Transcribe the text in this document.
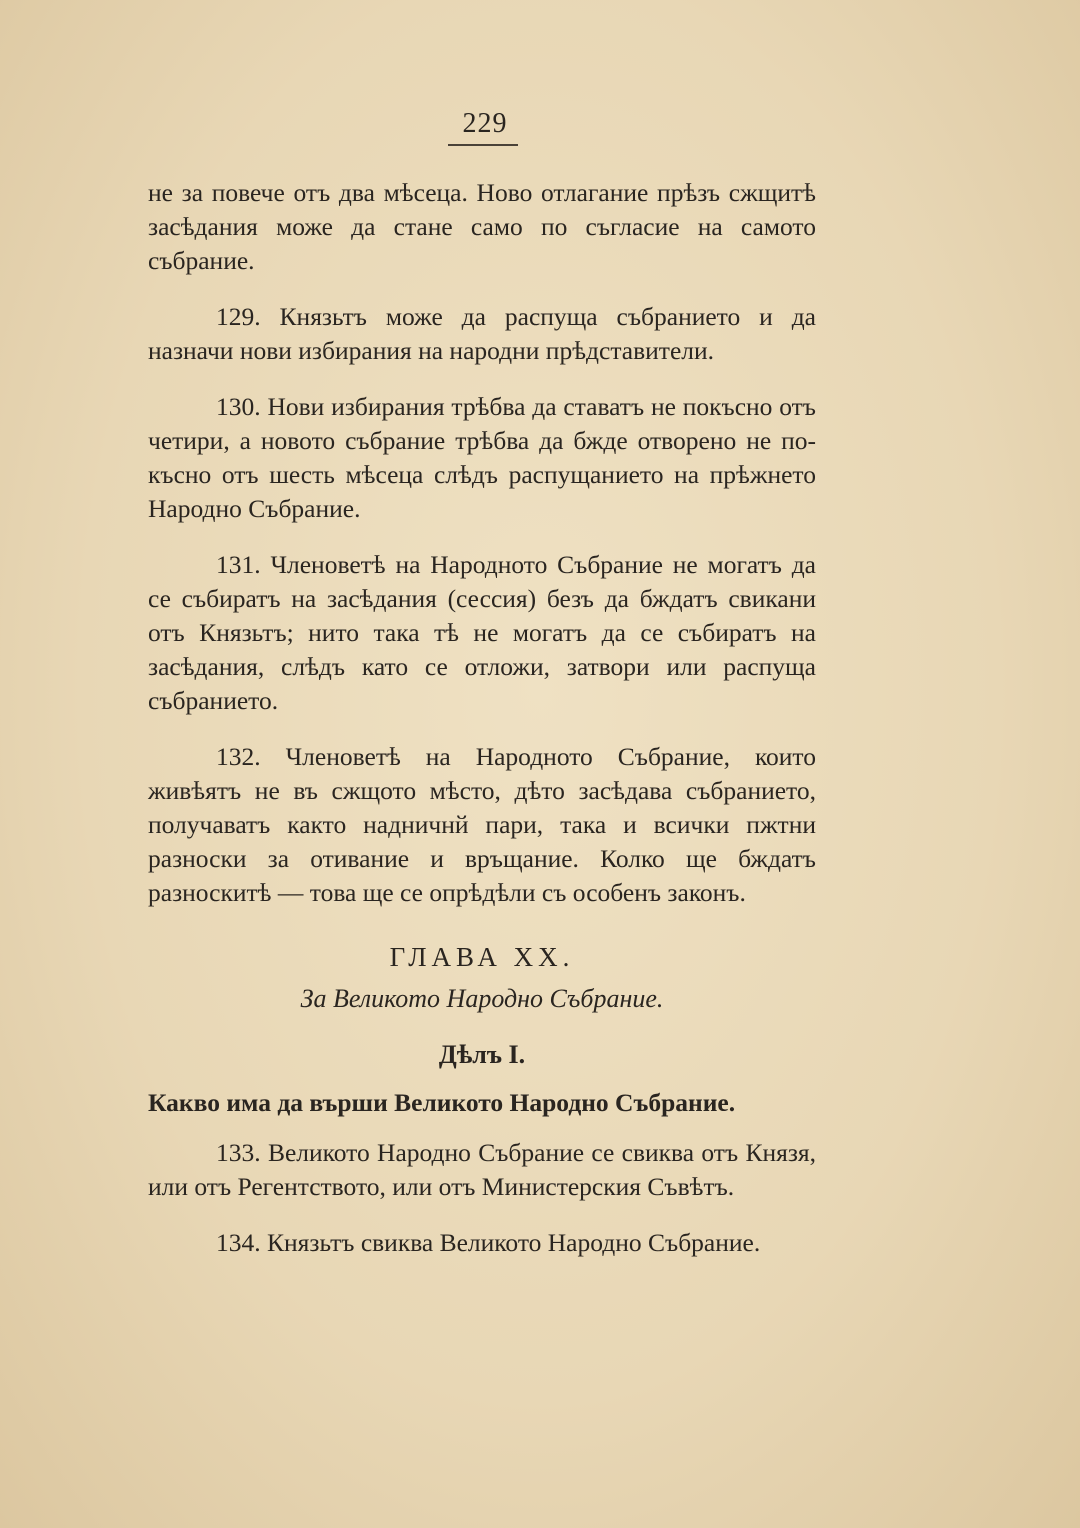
229

не за повече отъ два мѣсеца. Ново отлагание прѣзъ сжщитѣ засѣдания може да стане само по съгласие на самото събрание.

129. Князьтъ може да распуща събранието и да назначи нови избирания на народни прѣдставители.

130. Нови избирания трѣбва да ставатъ не покъсно отъ четири, а новото събрание трѣбва да бжде отворено не по-късно отъ шесть мѣсеца слѣдъ распущанието на прѣжнето Народно Събрание.

131. Членоветѣ на Народното Събрание не могатъ да се събиратъ на засѣдания (сессия) безъ да бждатъ свикани отъ Князьтъ; нито така тѣ не могатъ да се събиратъ на засѣдания, слѣдъ като се отложи, затвори или распуща събранието.

132. Членоветѣ на Народното Събрание, които живѣятъ не въ сжщото мѣсто, дѣто засѣдава събранието, получаватъ както надничнй пари, така и всички пжтни разноски за отивание и връщание. Колко ще бждатъ разноскитѣ — това ще се опрѣдѣли съ особенъ законъ.

ГЛАВА XX.

За Великото Народно Събрание.

Дѣлъ I.

Какво има да върши Великото Народно Събрание.

133. Великото Народно Събрание се свиква отъ Князя, или отъ Регентството, или отъ Министерския Съвѣтъ.

134. Князьтъ свиква Великото Народно Събрание.
